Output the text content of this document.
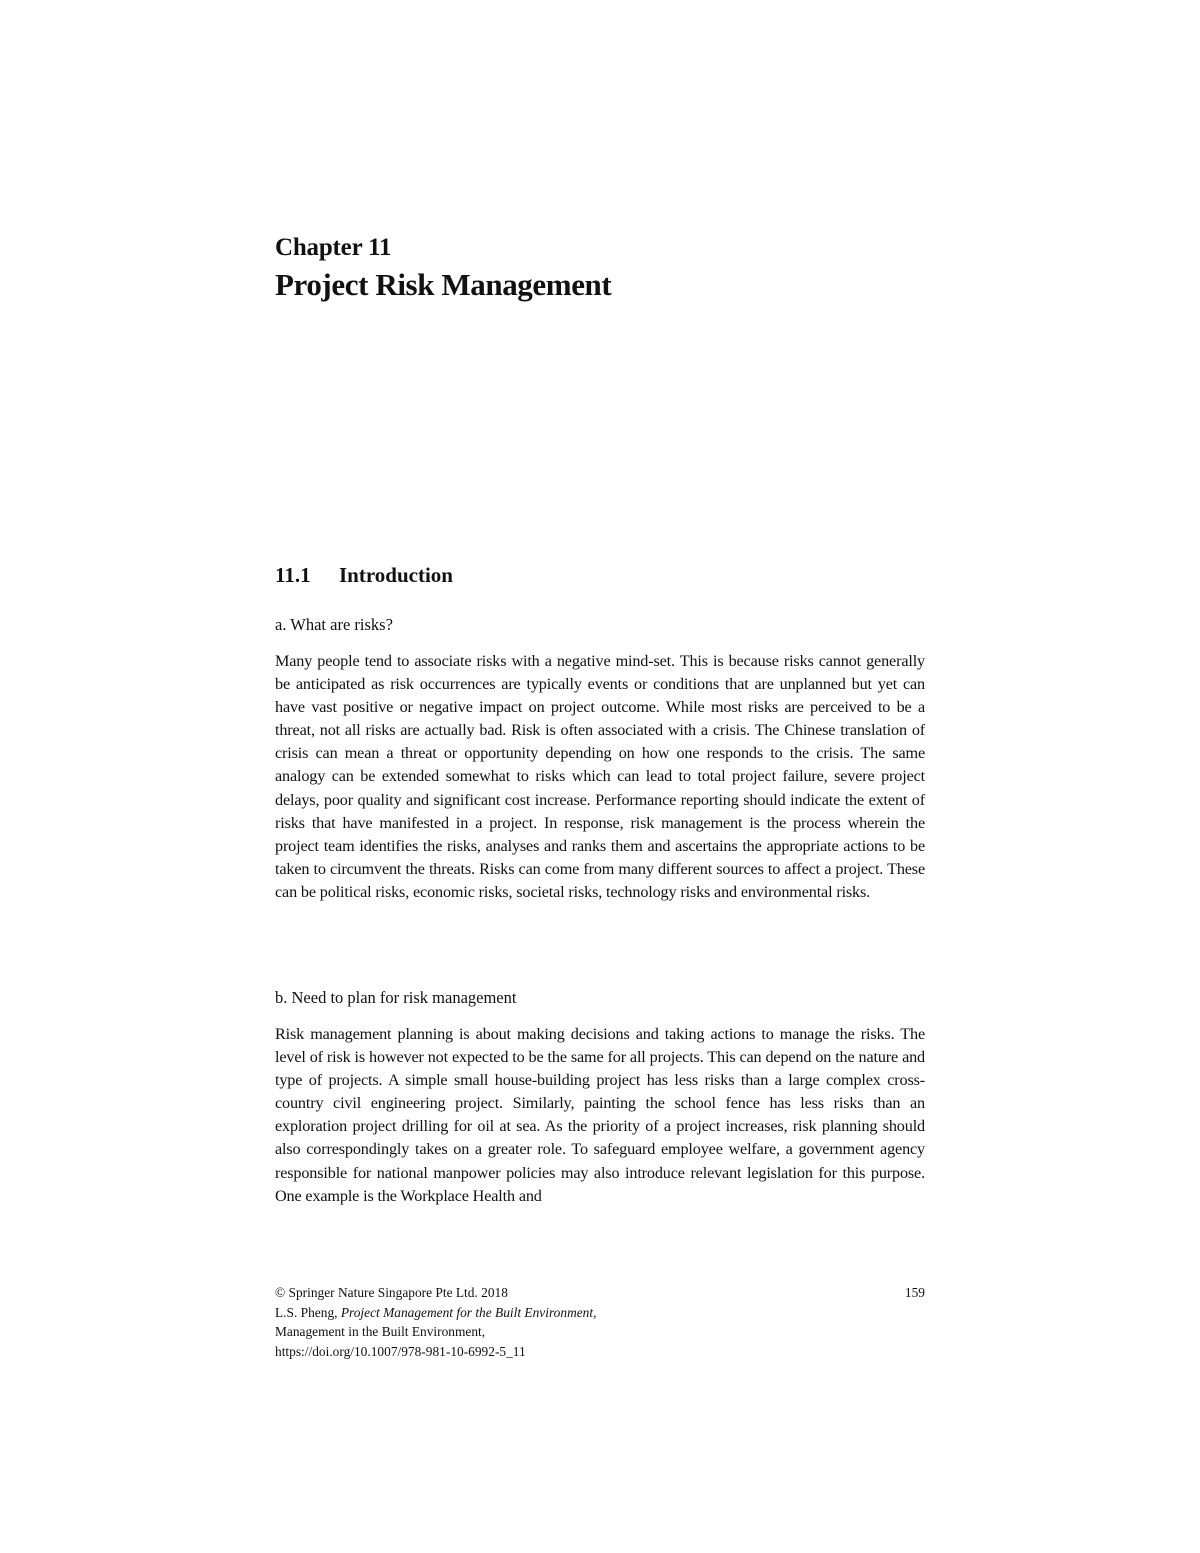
Chapter 11
Project Risk Management
11.1 Introduction
a. What are risks?

Many people tend to associate risks with a negative mind-set. This is because risks cannot generally be anticipated as risk occurrences are typically events or conditions that are unplanned but yet can have vast positive or negative impact on project outcome. While most risks are perceived to be a threat, not all risks are actually bad. Risk is often associated with a crisis. The Chinese translation of crisis can mean a threat or opportunity depending on how one responds to the crisis. The same analogy can be extended somewhat to risks which can lead to total project failure, severe project delays, poor quality and significant cost increase. Performance reporting should indicate the extent of risks that have manifested in a project. In response, risk management is the process wherein the project team identifies the risks, analyses and ranks them and ascertains the appropriate actions to be taken to circumvent the threats. Risks can come from many different sources to affect a project. These can be political risks, economic risks, societal risks, technology risks and environmental risks.

b. Need to plan for risk management

Risk management planning is about making decisions and taking actions to manage the risks. The level of risk is however not expected to be the same for all projects. This can depend on the nature and type of projects. A simple small house-building project has less risks than a large complex cross-country civil engineering project. Similarly, painting the school fence has less risks than an exploration project drilling for oil at sea. As the priority of a project increases, risk planning should also correspondingly takes on a greater role. To safeguard employee welfare, a government agency responsible for national manpower policies may also introduce relevant legislation for this purpose. One example is the Workplace Health and

© Springer Nature Singapore Pte Ltd. 2018
L.S. Pheng, Project Management for the Built Environment,
Management in the Built Environment,
https://doi.org/10.1007/978-981-10-6992-5_11
159
